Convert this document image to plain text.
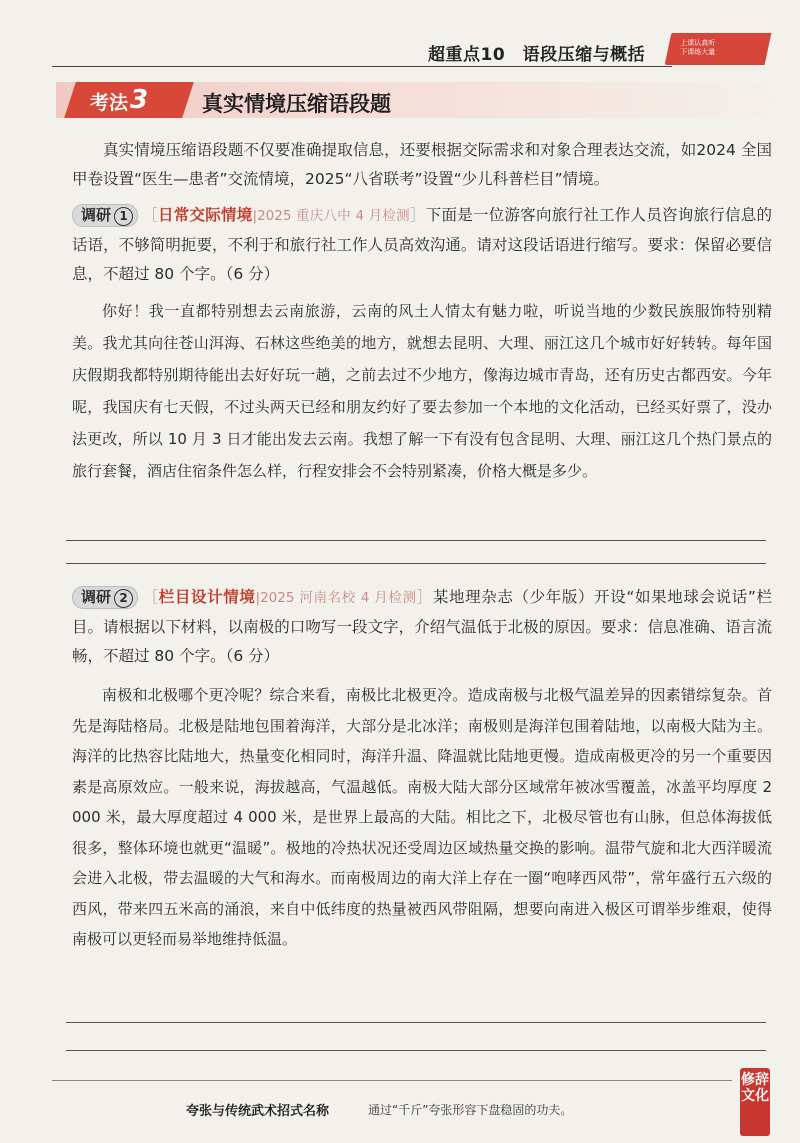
超重点10　语段压缩与概括
上课认真听
下课练大量
考法3	真实情境压缩语段题
真实情境压缩语段题不仅要准确提取信息，还要根据交际需求和对象合理表达交流，如2024 全国甲卷设置“医生—患者”交流情境，2025“八省联考”设置“少儿科普栏目”情境。
调研 1 ［日常交际情境|2025 重庆八中 4 月检测］下面是一位游客向旅行社工作人员咨询旅行信息的话语，不够简明扼要，不利于和旅行社工作人员高效沟通。请对这段话语进行缩写。要求：保留必要信息，不超过 80 个字。（6 分）
你好！我一直都特别想去云南旅游，云南的风土人情太有魅力啦，听说当地的少数民族服饰特别精美。我尤其向往苍山洱海、石林这些绝美的地方，就想去昆明、大理、丽江这几个城市好好转转。每年国庆假期我都特别期待能出去好好玩一趟，之前去过不少地方，像海边城市青岛，还有历史古都西安。今年呢，我国庆有七天假，不过头两天已经和朋友约好了要去参加一个本地的文化活动，已经买好票了，没办法更改，所以 10 月 3 日才能出发去云南。我想了解一下有没有包含昆明、大理、丽江这几个热门景点的旅行套餐，酒店住宿条件怎么样，行程安排会不会特别紧凑，价格大概是多少。
调研 2 ［栏目设计情境|2025 河南名校 4 月检测］某地理杂志（少年版）开设“如果地球会说话”栏目。请根据以下材料，以南极的口吻写一段文字，介绍气温低于北极的原因。要求：信息准确、语言流畅，不超过 80 个字。（6 分）
南极和北极哪个更冷呢？综合来看，南极比北极更冷。造成南极与北极气温差异的因素错综复杂。首先是海陆格局。北极是陆地包围着海洋，大部分是北冰洋；南极则是海洋包围着陆地，以南极大陆为主。海洋的比热容比陆地大，热量变化相同时，海洋升温、降温就比陆地更慢。造成南极更冷的另一个重要因素是高原效应。一般来说，海拔越高，气温越低。南极大陆大部分区域常年被冰雪覆盖，冰盖平均厚度 2 000 米，最大厚度超过 4 000 米，是世界上最高的大陆。相比之下，北极尽管也有山脉，但总体海拔低很多，整体环境也就更“温暖”。极地的冷热状况还受周边区域热量交换的影响。温带气旋和北大西洋暖流会进入北极，带去温暖的大气和海水。而南极周边的南大洋上存在一圈“咆哮西风带”，常年盛行五六级的西风，带来四五米高的涌浪，来自中低纬度的热量被西风带阻隔，想要向南进入极区可谓举步维艰，使得南极可以更轻而易举地维持低温。
夸张与传统武术招式名称	通过“千斤”夸张形容下盘稳固的功夫。
修辞文化
